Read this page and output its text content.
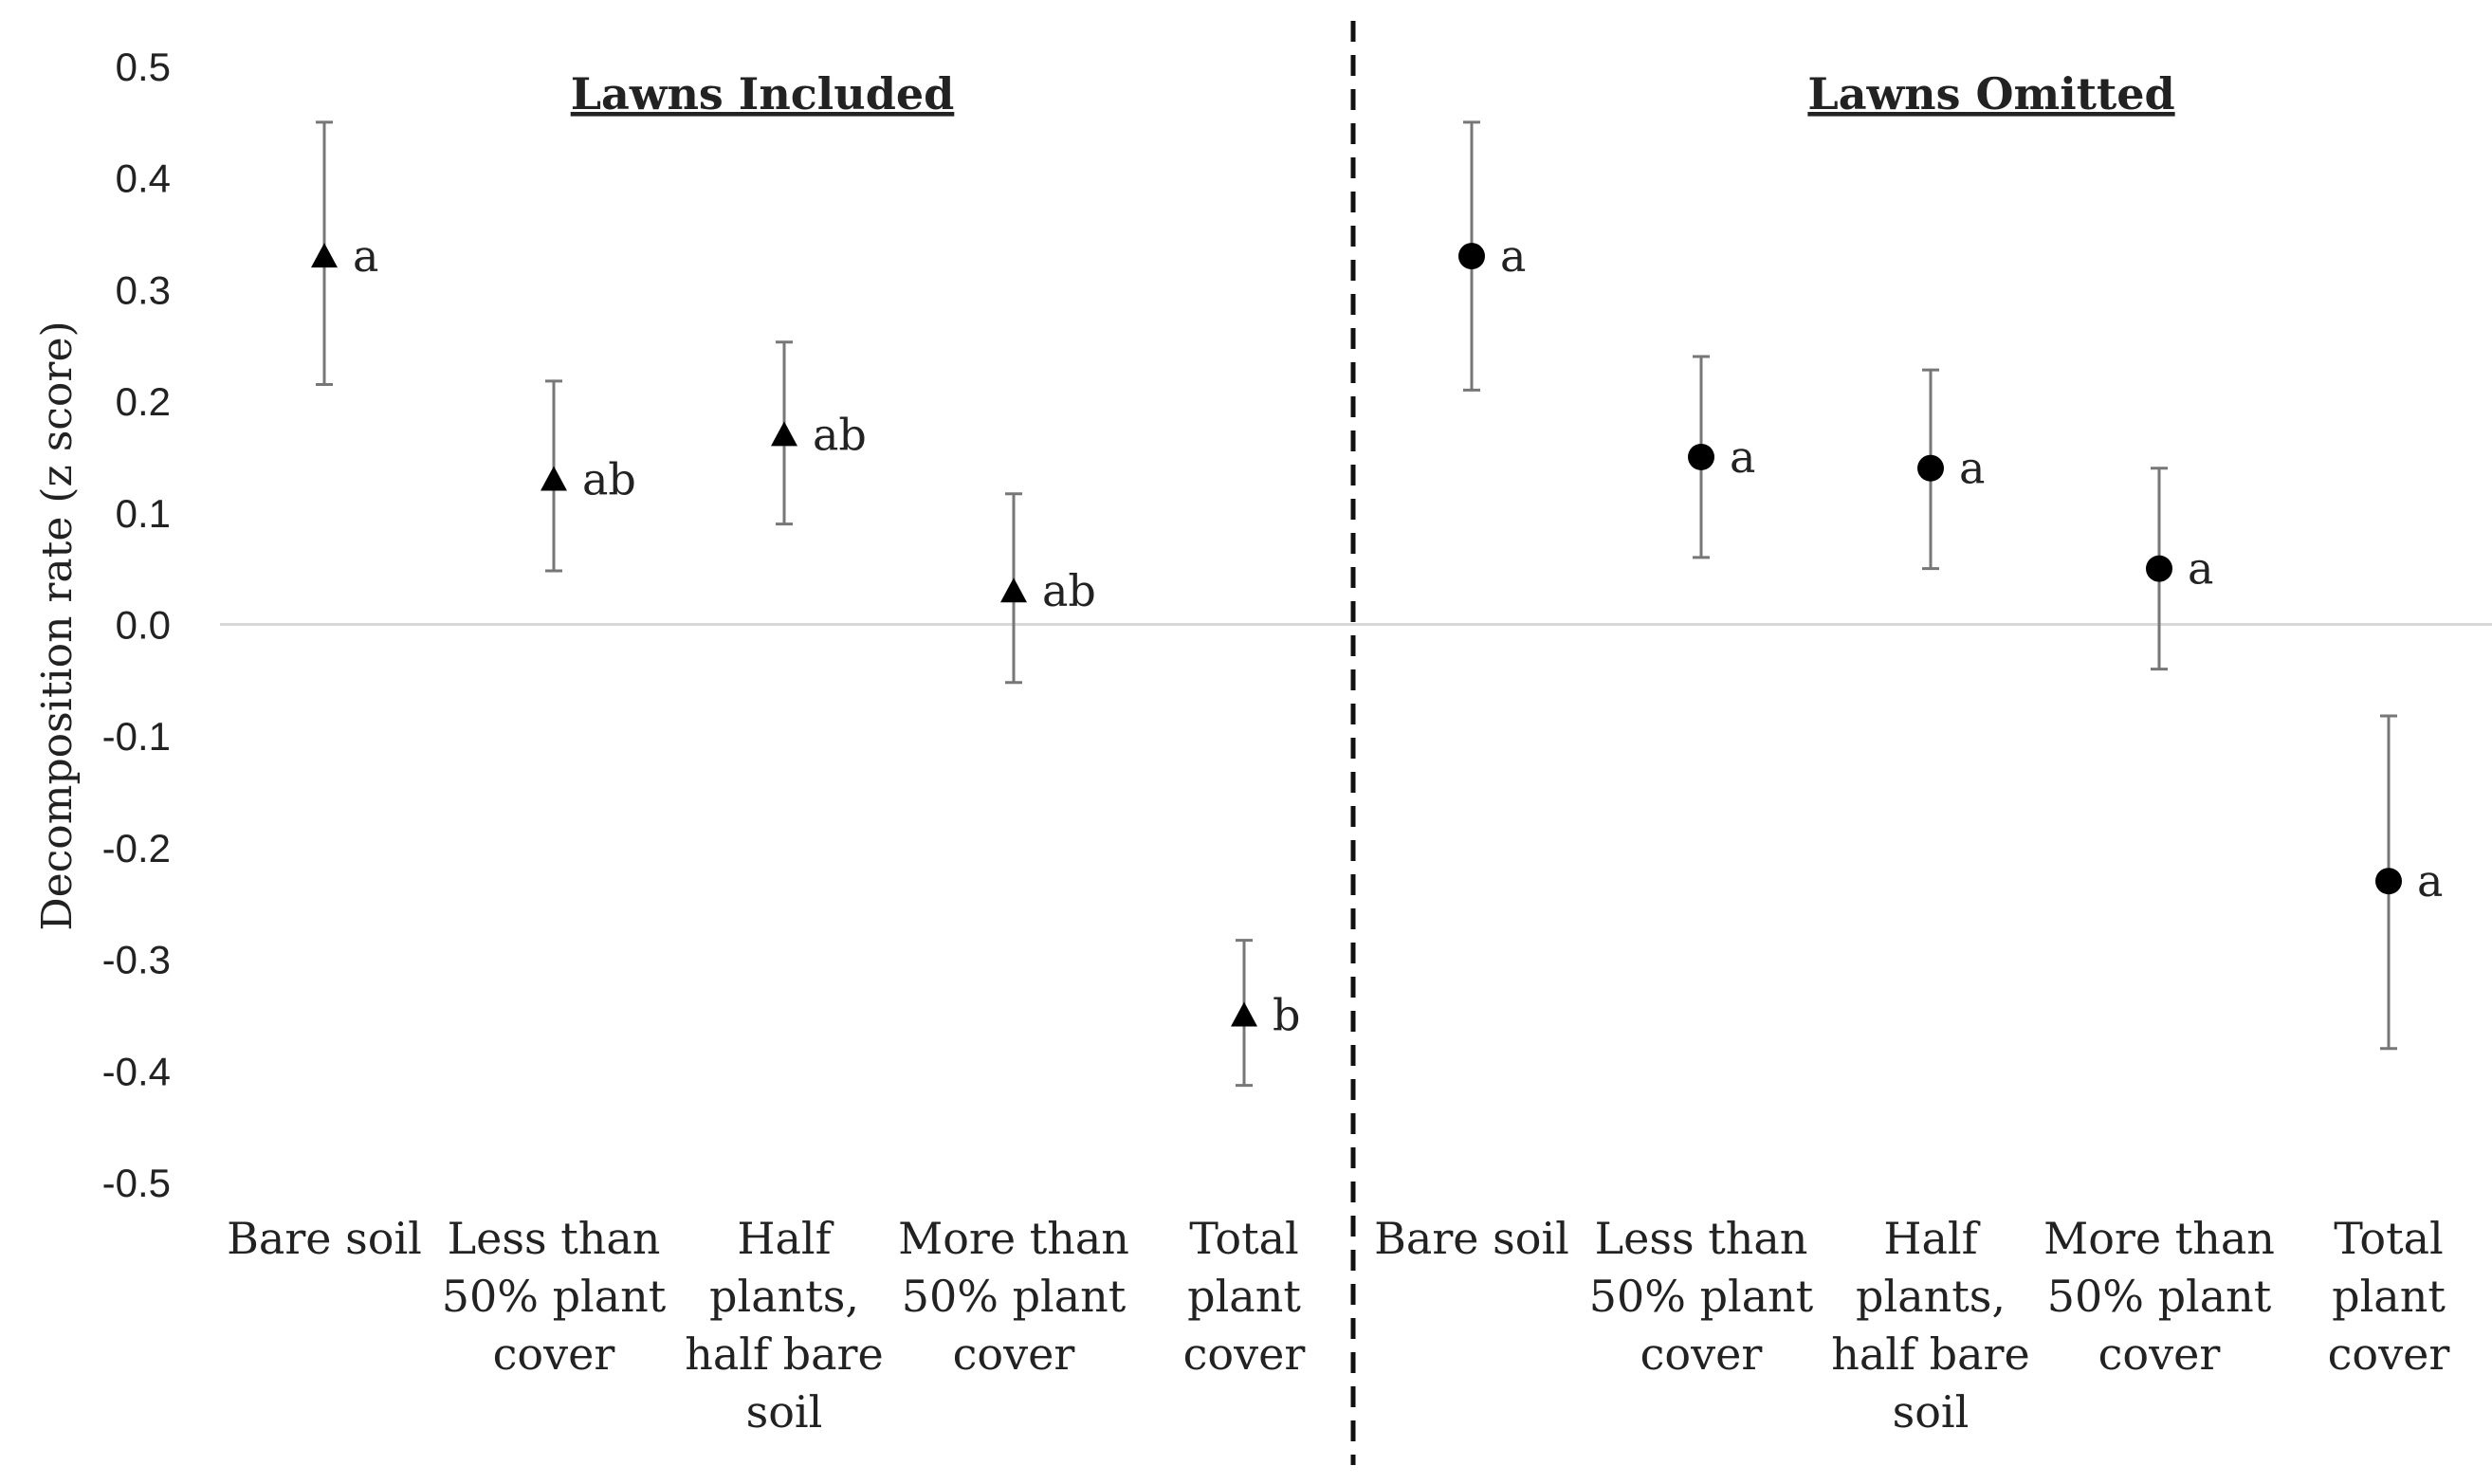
0.5
0.4
0.3
0.2
0.1
0.0
-0.1
-0.2
-0.3
-0.4
-0.5
Decomposition rate (z score)
Lawns Included
a
Bare soil
ab
Less than 50% plant cover
ab
Half plants, half bare soil
ab
More than 50% plant cover
b
Total plant cover
Lawns Omitted
a
Bare soil
a
Less than 50% plant cover
a
Half plants, half bare soil
a
More than 50% plant cover
a
Total plant cover
